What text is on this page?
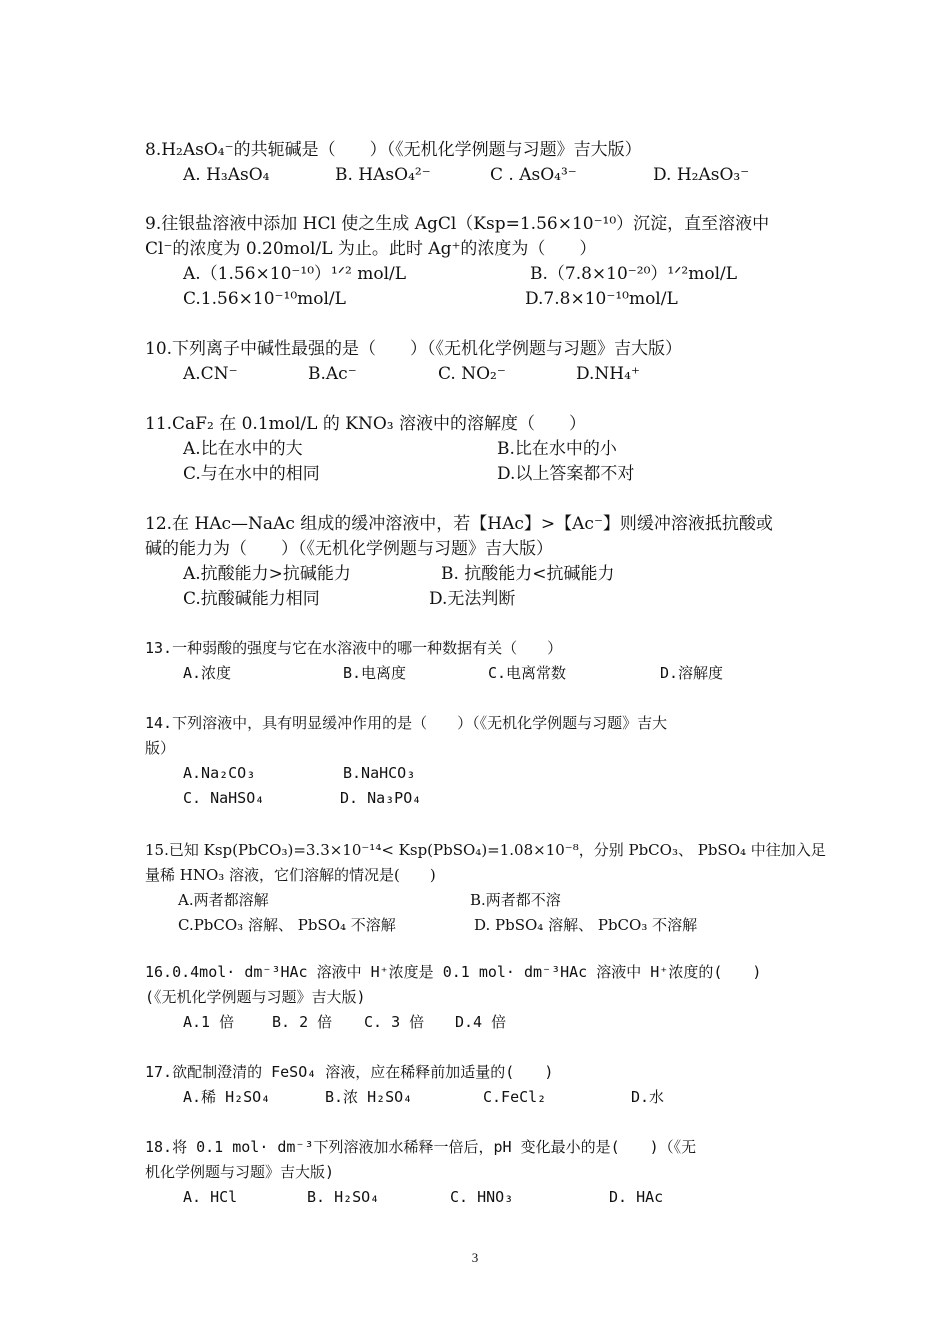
8.H₂AsO₄⁻的共轭碱是（　　）（《无机化学例题与习题》吉大版）
A. H₃AsO₄	B. HAsO₄²⁻	C . AsO₄³⁻	D. H₂AsO₃⁻
9.往银盐溶液中添加 HCl 使之生成 AgCl（Ksp=1.56×10⁻¹⁰）沉淀，直至溶液中
Cl⁻的浓度为 0.20mol/L 为止。此时 Ag⁺的浓度为（　　）
A.（1.56×10⁻¹⁰）¹ᐟ² mol/L	B.（7.8×10⁻²⁰）¹ᐟ²mol/L
C.1.56×10⁻¹⁰mol/L	D.7.8×10⁻¹⁰mol/L
10.下列离子中碱性最强的是（　　）（《无机化学例题与习题》吉大版）
A.CN⁻	B.Ac⁻	C. NO₂⁻	D.NH₄⁺
11.CaF₂ 在 0.1mol/L 的 KNO₃ 溶液中的溶解度（　　）
A.比在水中的大	B.比在水中的小
C.与在水中的相同	D.以上答案都不对
12.在 HAc—NaAc 组成的缓冲溶液中，若【HAc】>【Ac⁻】则缓冲溶液抵抗酸或
碱的能力为（　　）（《无机化学例题与习题》吉大版）
A.抗酸能力>抗碱能力	B. 抗酸能力<抗碱能力
C.抗酸碱能力相同	D.无法判断
13.一种弱酸的强度与它在水溶液中的哪一种数据有关（　　）
A.浓度	B.电离度	C.电离常数	D.溶解度
14.下列溶液中，具有明显缓冲作用的是（　　）（《无机化学例题与习题》吉大
版）
A.Na₂CO₃	B.NaHCO₃
C. NaHSO₄	D. Na₃PO₄
15.已知 Ksp(PbCO₃)=3.3×10⁻¹⁴< Ksp(PbSO₄)=1.08×10⁻⁸，分别 PbCO₃、 PbSO₄ 中往加入足
量稀 HNO₃ 溶液，它们溶解的情况是(　　)
A.两者都溶解	B.两者都不溶
C.PbCO₃ 溶解、 PbSO₄ 不溶解	D. PbSO₄ 溶解、 PbCO₃ 不溶解
16.0.4mol· dm⁻³HAc 溶液中 H⁺浓度是 0.1 mol· dm⁻³HAc 溶液中 H⁺浓度的(　　)
(《无机化学例题与习题》吉大版)
A.1 倍	B. 2 倍 C. 3 倍 D.4 倍
17.欲配制澄清的 FeSO₄ 溶液，应在稀释前加适量的(　　)
A.稀 H₂SO₄	B.浓 H₂SO₄	C.FeCl₂	D.水
18.将 0.1 mol· dm⁻³下列溶液加水稀释一倍后，pH 变化最小的是(　　)（《无
机化学例题与习题》吉大版)
A. HCl	B. H₂SO₄	C. HNO₃	D. HAc
3
